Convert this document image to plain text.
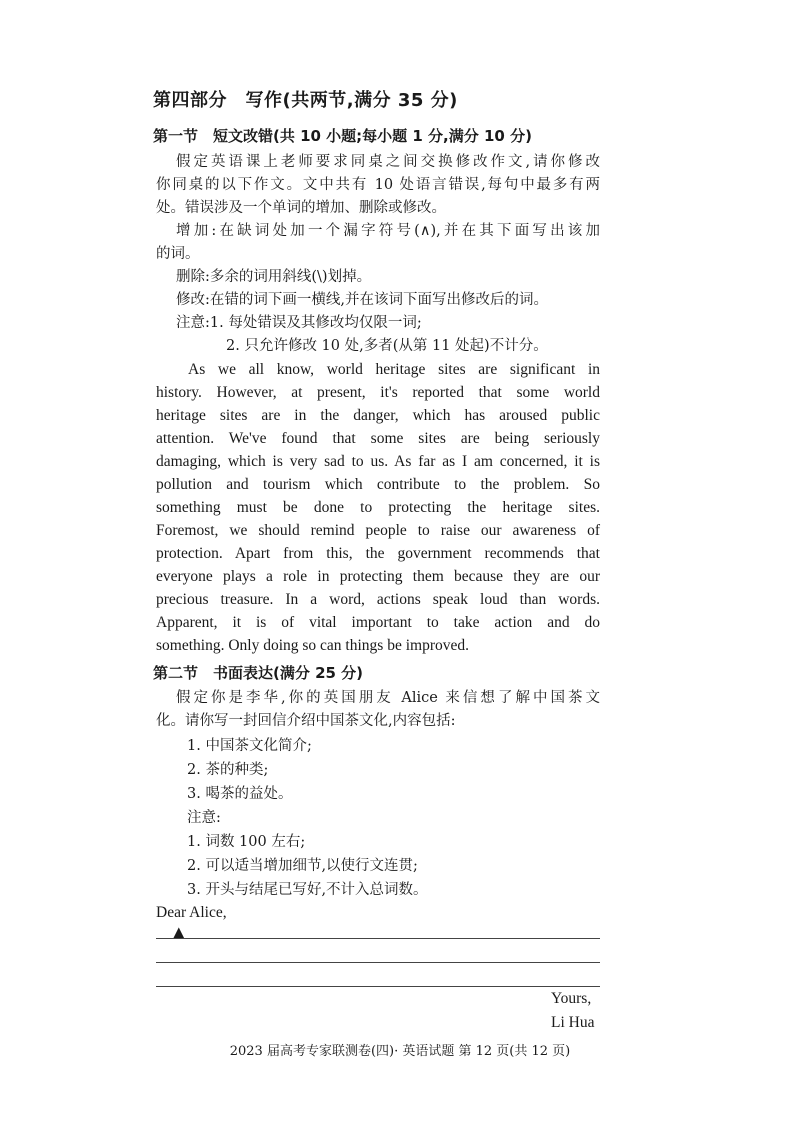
第四部分　写作(共两节,满分 35 分)
第一节　短文改错(共 10 小题;每小题 1 分,满分 10 分)
假定英语课上老师要求同桌之间交换修改作文,请你修改
你同桌的以下作文。文中共有 10 处语言错误,每句中最多有两
处。错误涉及一个单词的增加、删除或修改。
增加:在缺词处加一个漏字符号(∧),并在其下面写出该加
的词。
删除:多余的词用斜线(\)划掉。
修改:在错的词下画一横线,并在该词下面写出修改后的词。
注意:1. 每处错误及其修改均仅限一词;
2. 只允许修改 10 处,多者(从第 11 处起)不计分。
As we all know, world heritage sites are significant in
history. However, at present, it's reported that some world
heritage sites are in the danger, which has aroused public
attention. We've found that some sites are being seriously
damaging, which is very sad to us. As far as I am concerned, it is
pollution and tourism which contribute to the problem. So
something must be done to protecting the heritage sites.
Foremost, we should remind people to raise our awareness of
protection. Apart from this, the government recommends that
everyone plays a role in protecting them because they are our
precious treasure. In a word, actions speak loud than words.
Apparent, it is of vital important to take action and do
something. Only doing so can things be improved.
第二节　书面表达(满分 25 分)
假定你是李华,你的英国朋友 Alice 来信想了解中国茶文
化。请你写一封回信介绍中国茶文化,内容包括:
1. 中国茶文化简介;
2. 茶的种类;
3. 喝茶的益处。
注意:
1. 词数 100 左右;
2. 可以适当增加细节,以使行文连贯;
3. 开头与结尾已写好,不计入总词数。
Dear Alice,
▲
Yours,
Li Hua
2023 届高考专家联测卷(四)· 英语试题 第 12 页(共 12 页)
